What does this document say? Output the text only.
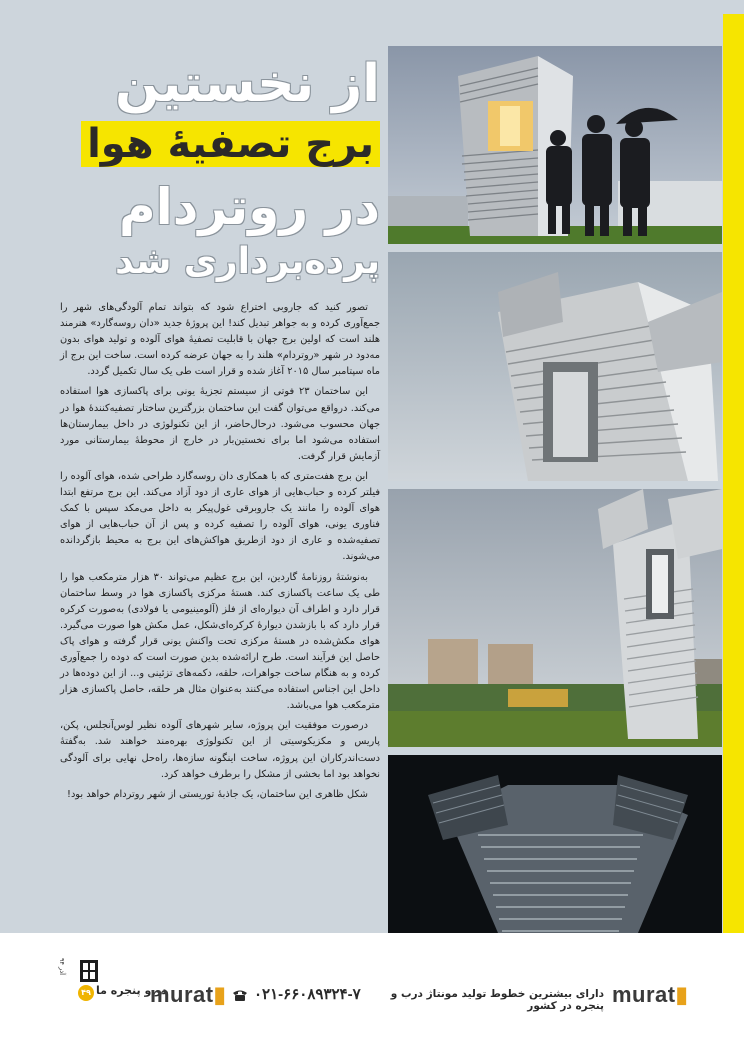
از نخستین
برج تصفیۀ هوا
در روتردام
پرده‌برداری شد

تصور کنید که جاروبی اختراع شود که بتواند تمام آلودگی‌های شهر را جمع‌آوری کرده و به جواهر تبدیل کند! این پروژۀ جدید «دان روسه‌گارد» هنرمند هلند است که اولین برج جهان با قابلیت تصفیۀ هوای آلوده و تولید هوای بدون مه‌دود در شهر «روتردام» هلند را به جهان عرضه کرده است. ساخت این برج از ماه سپتامبر سال ۲۰۱۵ آغاز شده و قرار است طی یک سال تکمیل گردد.

این ساختمان ۲۳ فوتی از سیستم تجزیۀ یونی برای پاکسازی هوا استفاده می‌کند. درواقع می‌توان گفت این ساختمان بزرگترین ساختار تصفیه‌کنندۀ هوا در جهان محسوب می‌شود. درحال‌حاضر، از این تکنولوژی در داخل بیمارستان‌ها استفاده می‌شود اما برای نخستین‌بار در خارج از محوطۀ بیمارستانی مورد آزمایش قرار گرفت.

این برج هفت‌متری که با همکاری دان روسه‌گارد طراحی شده، هوای آلوده را فیلتر کرده و حباب‌هایی از هوای عاری از دود آزاد می‌کند. این برج مرتفع ابتدا هوای آلوده را مانند یک جاروبرقی غول‌پیکر به داخل می‌مکد سپس با کمک فناوری یونی، هوای آلوده را تصفیه کرده و پس از آن حباب‌هایی از هوای تصفیه‌شده و عاری از دود ازطریق هواکش‌های این برج به محیط بازگردانده می‌شوند.

به‌نوشتۀ روزنامۀ گاردین، این برج عظیم می‌تواند ۳۰ هزار مترمکعب هوا را طی یک ساعت پاکسازی کند. هستۀ مرکزی پاکسازی هوا در وسط ساختمان قرار دارد و اطراف آن دیواره‌ای از فلز (آلومینیومی یا فولادی) به‌صورت کرکره قرار دارد که با بازشدن دیوارۀ کرکره‌ای‌شکل، عمل مکش هوا صورت می‌گیرد. هوای مکش‌شده در هستۀ مرکزی تحت واکنش یونی قرار گرفته و هوای پاک حاصل این فرآیند است. طرح ارائه‌شده بدین صورت است که دوده را جمع‌آوری کرده و به هنگام ساخت جواهرات، حلقه، دکمه‌های تزئینی و... از این دوده‌ها در داخل این اجناس استفاده می‌کنند به‌عنوان مثال هر حلقه، حاصل پاکسازی هزار مترمکعب هوا می‌باشد.

درصورت موفقیت این پروژه، سایر شهرهای آلوده نظیر لوس‌آنجلس، پکن، پاریس و مکزیکوسیتی از این تکنولوژی بهره‌مند خواهند شد. به‌گفتۀ دست‌اندرکاران این پروژه، ساخت اینگونه سازه‌ها، راه‌حل نهایی برای آلودگی نخواهد بود اما بخشی از مشکل را برطرف خواهد کرد.

شکل ظاهری این ساختمان، یک جاذبۀ توریستی از شهر روتردام خواهد بود!

آذر ۹۴
۴۹ در و پنجره ما
murat▮ ۰۲۱-۶۶۰۸۹۳۲۴-۷	دارای بیشترین خطوط تولید مونتاژ درب و پنجره در کشور murat▮
